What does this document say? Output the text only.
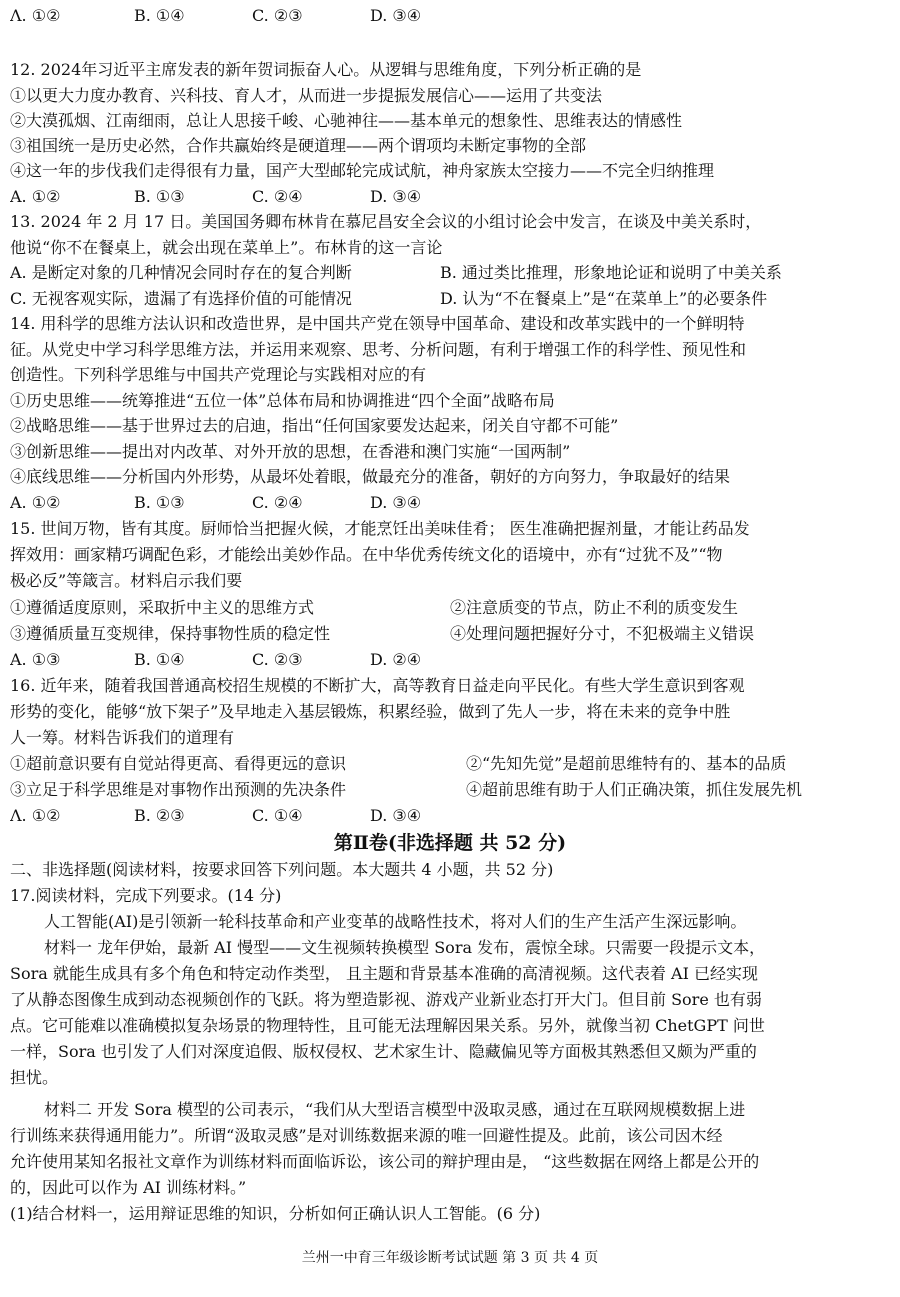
Λ. ①②	B. ①④	C. ②③	D. ③④
12. 2024年习近平主席发表的新年贺词振奋人心。从逻辑与思维角度，下列分析正确的是
①以更大力度办教育、兴科技、育人才，从而进一步提振发展信心——运用了共变法
②大漠孤烟、江南细雨，总让人思接千峻、心驰神往——基本单元的想象性、思维表达的情感性
③祖国统一是历史必然，合作共赢始终是硬道理——两个谓项均未断定事物的全部
④这一年的步伐我们走得很有力量，国产大型邮轮完成试航，神舟家族太空接力——不完全归纳推理
A. ①②	B. ①③	C. ②④	D. ③④
13. 2024 年 2 月 17 日。美国国务卿布林肯在慕尼昌安全会议的小组讨论会中发言，在谈及中美关系时，
他说“你不在餐桌上，就会出现在菜单上”。布林肯的这一言论
A. 是断定对象的几种情况会同时存在的复合判断	B. 通过类比推理，形象地论证和说明了中美关系
C. 无视客观实际，遗漏了有选择价值的可能情况	D. 认为“不在餐桌上”是“在菜单上”的必要条件
14. 用科学的思维方法认识和改造世界，是中国共产党在领导中国革命、建设和改革实践中的一个鲜明特
征。从党史中学习科学思维方法，并运用来观察、思考、分析问题，有利于增强工作的科学性、预见性和
创造性。下列科学思维与中国共产党理论与实践相对应的有
①历史思维——统筹推进“五位一体”总体布局和协调推进“四个全面”战略布局
②战略思维——基于世界过去的启迪，指出“任何国家要发达起来，闭关自守都不可能”
③创新思维——提出对内改革、对外开放的思想，在香港和澳门实施“一国两制”
④底线思维——分析国内外形势，从最坏处着眼，做最充分的准备，朝好的方向努力，争取最好的结果
A. ①②	B. ①③	C. ②④	D. ③④
15. 世间万物，皆有其度。厨师恰当把握火候，才能烹饪出美味佳肴； 医生准确把握剂量，才能让药品发
挥效用：画家精巧调配色彩，才能绘出美妙作品。在中华优秀传统文化的语境中，亦有“过犹不及”“物
极必反”等箴言。材料启示我们要
①遵循适度原则，采取折中主义的思维方式	②注意质变的节点，防止不利的质变发生
③遵循质量互变规律，保持事物性质的稳定性	④处理问题把握好分寸，不犯极端主义错误
A. ①③	B. ①④	C. ②③	D. ②④
16. 近年来，随着我国普通高校招生规模的不断扩大，高等教育日益走向平民化。有些大学生意识到客观
形势的变化，能够“放下架子”及早地走入基层锻炼，积累经验，做到了先人一步，将在未来的竞争中胜
人一筹。材料告诉我们的道理有
①超前意识要有自觉站得更高、看得更远的意识	②“先知先觉”是超前思维特有的、基本的品质
③立足于科学思维是对事物作出预测的先决条件	④超前思维有助于人们正确决策，抓住发展先机
Λ. ①②	B. ②③	C. ①④	D. ③④
第Ⅱ卷(非选择题 共 52 分)
二、非选择题(阅读材料，按要求回答下列问题。本大题共 4 小题，共 52 分)
17.阅读材料，完成下列要求。(14 分)
人工智能(AI)是引领新一轮科技革命和产业变革的战略性技术，将对人们的生产生活产生深远影响。
材料一 龙年伊始，最新 AI 慢型——文生视频转换模型 Sora 发布，震惊全球。只需要一段提示文本，
Sora 就能生成具有多个角色和特定动作类型， 且主题和背景基本准确的高清视频。这代表着 AI 已经实现
了从静态图像生成到动态视频创作的飞跃。将为塑造影视、游戏产业新业态打开大门。但目前 Sore 也有弱
点。它可能难以准确模拟复杂场景的物理特性，且可能无法理解因果关系。另外，就像当初 ChetGPT 问世
一样，Sora 也引发了人们对深度追假、版权侵权、艺术家生计、隐藏偏见等方面极其熟悉但又颇为严重的
担忧。
材料二 开发 Sora 模型的公司表示，“我们从大型语言模型中汲取灵感，通过在互联网规模数据上进
行训练来获得通用能力”。所谓“汲取灵感”是对训练数据来源的唯一回避性提及。此前，该公司因木经
允许使用某知名报社文章作为训练材料而面临诉讼，该公司的辩护理由是， “这些数据在网络上都是公开的
的，因此可以作为 AI 训练材料。”
(1)结合材料一，运用辩证思维的知识，分析如何正确认识人工智能。(6 分)
兰州一中育三年级诊断考试试题 第 3 页 共 4 页
